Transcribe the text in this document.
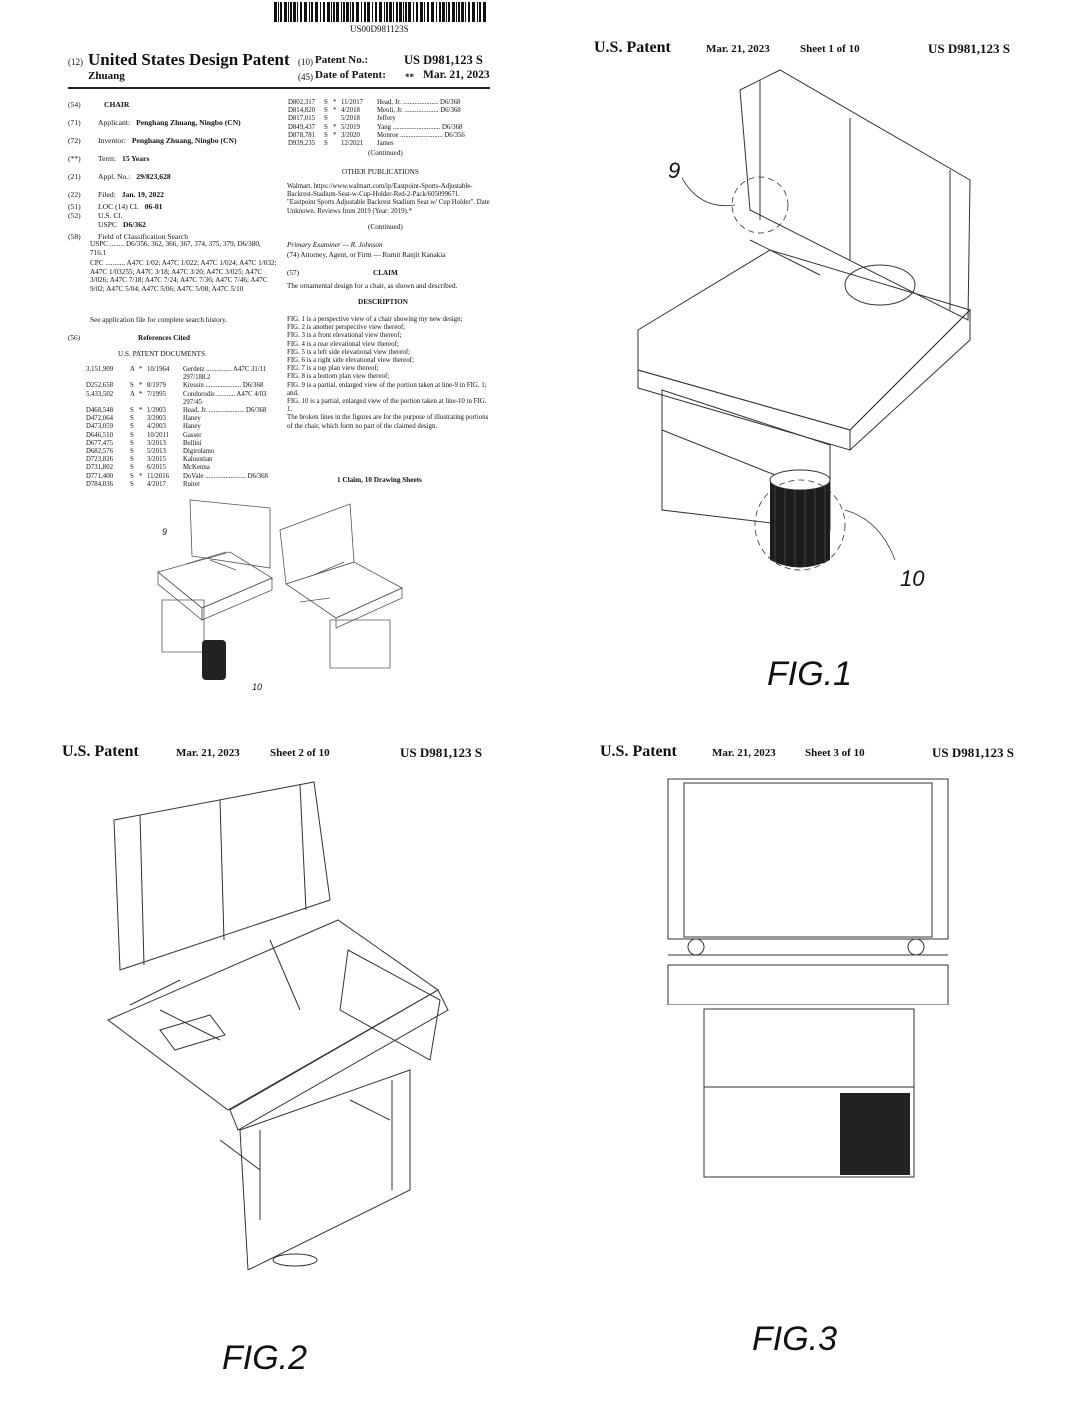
US00D981123S
(12) United States Design Patent
Zhuang
(10) Patent No.:	US D981,123 S
(45) Date of Patent: ** Mar. 21, 2023
(54)	CHAIR
(71)	Applicant: Penghang Zhuang, Ningbo (CN)
(72)	Inventor: Penghang Zhuang, Ningbo (CN)
(**)	Term: 15 Years
(21)	Appl. No.: 29/823,628
(22)	Filed: Jan. 19, 2022
(51)	LOC (14) Cl. 06-01
(52)	U.S. Cl.
USPC D6/362
(58)	Field of Classification Search
USPC ........ D6/356, 362, 366, 367, 374, 375, 379, D6/380, 716.1
CPC ........... A47C 1/02; A47C 1/022; A47C 1/024; A47C 1/032; A47C 1/03255; A47C 3/18; A47C 3/20; A47C 3/025; A47C 3/026; A47C 7/18; A47C 7/24; A47C 7/36; A47C 7/46; A47C 9/02; A47C 5/04; A47C 5/06; A47C 5/08; A47C 5/10
See application file for complete search history.
(56)	References Cited
U.S. PATENT DOCUMENTS
3,151,909	A * 10/1964	Gerdetz ............... A47C 31/11
297/188.2
D252,658	S * 8/1979	Kressin ..................... D6/368
5,433,502	A * 7/1995	Condorodis ........... A47C 4/03
297/45
D468,548	S * 1/2003	Head, Jr. ..................... D6/368
D472,064	S	3/2003	Haney
D473,059	S	4/2003	Haney
D646,510	S	10/2011	Gasser
D677,475	S	3/2013	Bellini
D682,576	S	5/2013	Digirolamo
D723,826	S	3/2015	Kaloustian
D731,802	S	6/2015	McKenna
D771,400	S * 11/2016	DoVale ........................ D6/368
D784,036	S	4/2017	Ruiter
D802,317	S * 11/2017	Head, Jr. ..................... D6/368
D814,820	S * 4/2018	Meoli, Jr. .................... D6/368
D817,015	S	5/2018	Jeffery
D849,437	S * 5/2019	Yang ............................ D6/368
D878,781	S * 3/2020	Monroe ......................... D6/356
D939,235	S	12/2021	James
(Continued)
OTHER PUBLICATIONS
Walmart. https://www.walmart.com/ip/Eastpoint-Sports-Adjustable-Backrest-Stadium-Seat-w-Cup-Holder-Red-2-Pack/605099671. "Eastpoint Sports Adjustable Backrest Stadium Seat w/ Cup Holder". Date Unknown. Reviews from 2019 (Year: 2019).*
(Continued)
Primary Examiner — R. Johnson
(74) Attorney, Agent, or Firm — Rumit Ranjit Kanakia
(57)	CLAIM
The ornamental design for a chair, as shown and described.
DESCRIPTION
FIG. 1 is a perspective view of a chair showing my new design;
FIG. 2 is another perspective view thereof;
FIG. 3 is a front elevational view thereof;
FIG. 4 is a rear elevational view thereof;
FIG. 5 is a left side elevational view thereof;
FIG. 6 is a right side elevational view thereof;
FIG. 7 is a top plan view thereof;
FIG. 8 is a bottom plan view thereof;
FIG. 9 is a partial, enlarged view of the portion taken at line-9 in FIG. 1; and,
FIG. 10 is a partial, enlarged view of the portion taken at line-10 in FIG. 1.
The broken lines in the figures are for the purpose of illustrating portions of the chair, which form no part of the claimed design.
1 Claim, 10 Drawing Sheets
9
10
U.S. Patent	Mar. 21, 2023	Sheet 1 of 10	US D981,123 S
9
10
FIG.1
U.S. Patent	Mar. 21, 2023	Sheet 2 of 10	US D981,123 S
FIG.2
U.S. Patent	Mar. 21, 2023	Sheet 3 of 10	US D981,123 S
FIG.3
